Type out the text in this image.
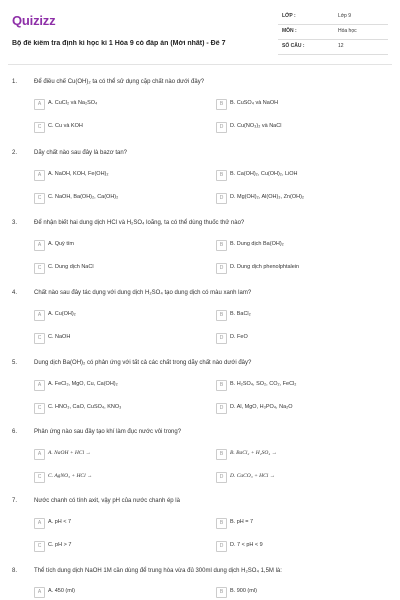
Quizizz
Bộ đề kiểm tra định kì học kì 1 Hóa 9 có đáp án (Mới nhất) - Đề 7
LỚP :	Lớp 9
MÔN :	Hóa học
SỐ CÂU :	12
1.	Để điều chế Cu(OH)₂ ta có thể sử dụng cặp chất nào dưới đây?
A	A. CuCl₂ và Na₂SO₄	B	B. CuSO₄ và NaOH
C	C. Cu và KOH	D	D. Cu(NO₃)₂ và NaCl
2.	Dãy chất nào sau đây là bazơ tan?
A	A. NaOH, KOH, Fe(OH)₂	B	B. Ca(OH)₂, Cu(OH)₂, LiOH
C	C. NaOH, Ba(OH)₂, Ca(OH)₂	D	D. Mg(OH)₂, Al(OH)₃, Zn(OH)₂
3.	Để nhận biết hai dung dịch HCl và H₂SO₄ loãng, ta có thể dùng thuốc thử nào?
A	A. Quỳ tím	B	B. Dung dịch Ba(OH)₂
C	C. Dung dịch NaCl	D	D. Dung dịch phenolphtalein
4.	Chất nào sau đây tác dụng với dung dịch H₂SO₄ tạo dung dịch có màu xanh lam?
A	A. Cu(OH)₂	B	B. BaCl₂
C	C. NaOH	D	D. FeO
5.	Dung dịch Ba(OH)₂ có phản ứng với tất cả các chất trong dãy chất nào dưới đây?
A	A. FeCl₃, MgO, Cu, Ca(OH)₂	B	B. H₂SO₄, SO₂, CO₂, FeCl₂
C	C. HNO₃, CaO, CuSO₄, KNO₃	D	D. Al, MgO, H₃PO₄, Na₂O
6.	Phản ứng nào sau đây tạo khí làm đục nước vôi trong?
A	A. NaOH + HCl →	B	B. BaCl₂ + H₂SO₄ →
C	C. AgNO₃ + HCl →	D	D. CaCO₃ + HCl →
7.	Nước chanh có tính axit, vậy pH của nước chanh ép là
A	A. pH < 7	B	B. pH = 7
C	C. pH > 7	D	D. 7 < pH < 9
8.	Thể tích dung dịch NaOH 1M cần dùng để trung hòa vừa đủ 300ml dung dịch H₂SO₄ 1,5M là:
A	A. 450 (ml)	B	B. 900 (ml)
